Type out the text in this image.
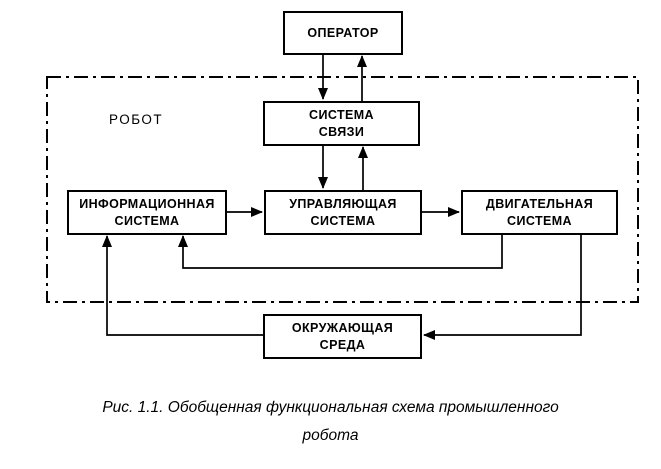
ОПЕРАТОР
СИСТЕМА
СВЯЗИ
ИНФОРМАЦИОННАЯ
СИСТЕМА
УПРАВЛЯЮЩАЯ
СИСТЕМА
ДВИГАТЕЛЬНАЯ
СИСТЕМА
ОКРУЖАЮЩАЯ
СРЕДА
РОБОТ
Рис. 1.1. Обобщенная функциональная схема промышленного
робота
